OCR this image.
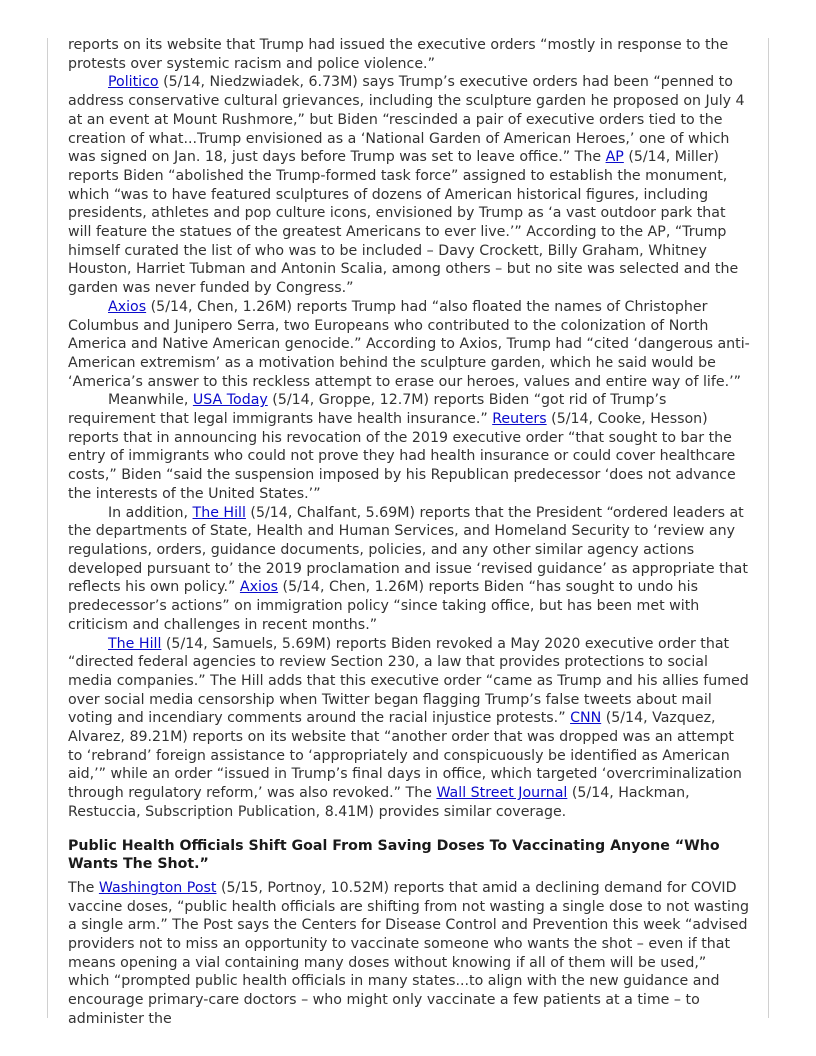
reports on its website that Trump had issued the executive orders “mostly in response to the protests over systemic racism and police violence.”

Politico (5/14, Niedzwiadek, 6.73M) says Trump’s executive orders had been “penned to address conservative cultural grievances, including the sculpture garden he proposed on July 4 at an event at Mount Rushmore,” but Biden “rescinded a pair of executive orders tied to the creation of what...Trump envisioned as a ‘National Garden of American Heroes,’ one of which was signed on Jan. 18, just days before Trump was set to leave office.” The AP (5/14, Miller) reports Biden “abolished the Trump-formed task force” assigned to establish the monument, which “was to have featured sculptures of dozens of American historical figures, including presidents, athletes and pop culture icons, envisioned by Trump as ‘a vast outdoor park that will feature the statues of the greatest Americans to ever live.’” According to the AP, “Trump himself curated the list of who was to be included – Davy Crockett, Billy Graham, Whitney Houston, Harriet Tubman and Antonin Scalia, among others – but no site was selected and the garden was never funded by Congress.”

Axios (5/14, Chen, 1.26M) reports Trump had “also floated the names of Christopher Columbus and Junipero Serra, two Europeans who contributed to the colonization of North America and Native American genocide.” According to Axios, Trump had “cited ‘dangerous anti-American extremism’ as a motivation behind the sculpture garden, which he said would be ‘America’s answer to this reckless attempt to erase our heroes, values and entire way of life.’”

Meanwhile, USA Today (5/14, Groppe, 12.7M) reports Biden “got rid of Trump’s requirement that legal immigrants have health insurance.” Reuters (5/14, Cooke, Hesson) reports that in announcing his revocation of the 2019 executive order “that sought to bar the entry of immigrants who could not prove they had health insurance or could cover healthcare costs,” Biden “said the suspension imposed by his Republican predecessor ‘does not advance the interests of the United States.’”

In addition, The Hill (5/14, Chalfant, 5.69M) reports that the President “ordered leaders at the departments of State, Health and Human Services, and Homeland Security to ‘review any regulations, orders, guidance documents, policies, and any other similar agency actions developed pursuant to’ the 2019 proclamation and issue ‘revised guidance’ as appropriate that reflects his own policy.” Axios (5/14, Chen, 1.26M) reports Biden “has sought to undo his predecessor’s actions” on immigration policy “since taking office, but has been met with criticism and challenges in recent months.”

The Hill (5/14, Samuels, 5.69M) reports Biden revoked a May 2020 executive order that “directed federal agencies to review Section 230, a law that provides protections to social media companies.” The Hill adds that this executive order “came as Trump and his allies fumed over social media censorship when Twitter began flagging Trump’s false tweets about mail voting and incendiary comments around the racial injustice protests.” CNN (5/14, Vazquez, Alvarez, 89.21M) reports on its website that “another order that was dropped was an attempt to ‘rebrand’ foreign assistance to ‘appropriately and conspicuously be identified as American aid,’” while an order “issued in Trump’s final days in office, which targeted ‘overcriminalization through regulatory reform,’ was also revoked.” The Wall Street Journal (5/14, Hackman, Restuccia, Subscription Publication, 8.41M) provides similar coverage.

Public Health Officials Shift Goal From Saving Doses To Vaccinating Anyone “Who Wants The Shot.”

The Washington Post (5/15, Portnoy, 10.52M) reports that amid a declining demand for COVID vaccine doses, “public health officials are shifting from not wasting a single dose to not wasting a single arm.” The Post says the Centers for Disease Control and Prevention this week “advised providers not to miss an opportunity to vaccinate someone who wants the shot – even if that means opening a vial containing many doses without knowing if all of them will be used,” which “prompted public health officials in many states...to align with the new guidance and encourage primary-care doctors – who might only vaccinate a few patients at a time – to administer the
